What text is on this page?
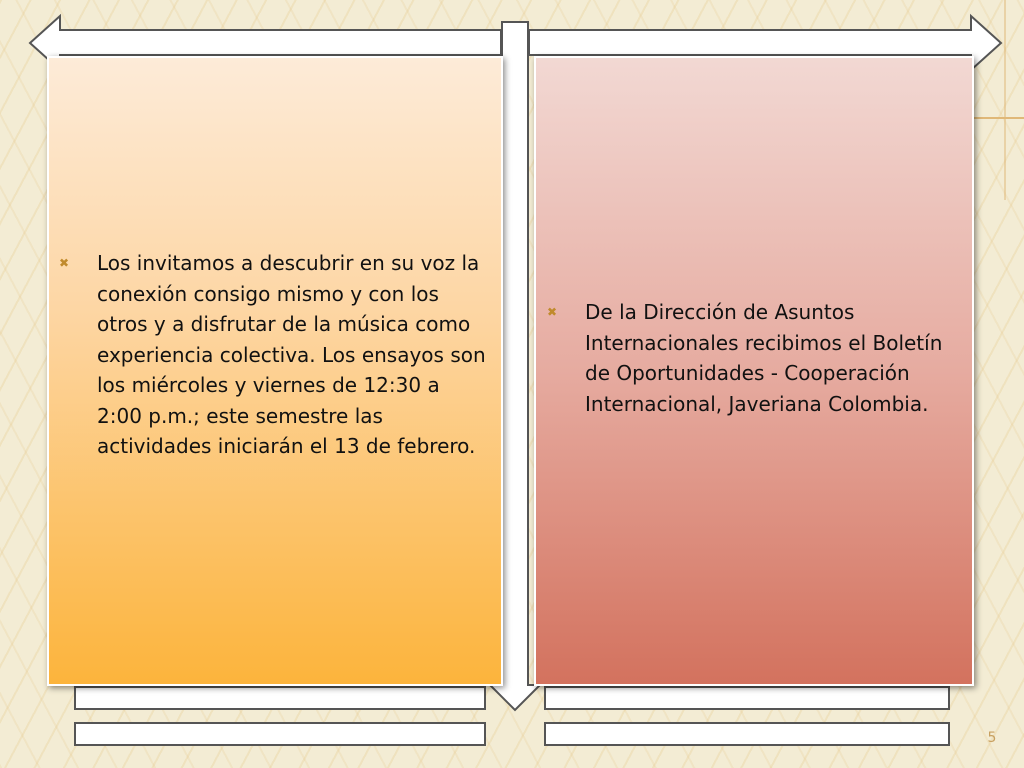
✖ Los invitamos a descubrir en su voz la conexión consigo mismo y con los otros y a disfrutar de la música como experiencia colectiva. Los ensayos son los miércoles y viernes de 12:30 a 2:00 p.m.; este semestre las actividades iniciarán el 13 de febrero.
✖ De la Dirección de Asuntos Internacionales recibimos el Boletín de Oportunidades - Cooperación Internacional, Javeriana Colombia.
5
